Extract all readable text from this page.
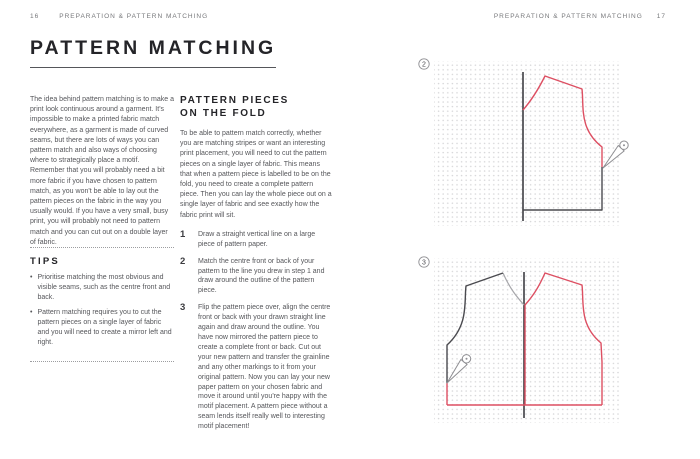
16	PREPARATION & PATTERN MATCHING	PREPARATION & PATTERN MATCHING 17
PATTERN MATCHING
The idea behind pattern matching is to make a print look continuous around a garment. It's impossible to make a printed fabric match everywhere, as a garment is made of curved seams, but there are lots of ways you can pattern match and also ways of choosing where to strategically place a motif. Remember that you will probably need a bit more fabric if you have chosen to pattern match, as you won't be able to lay out the pattern pieces on the fabric in the way you usually would. If you have a very small, busy print, you will probably not need to pattern match and you can cut out on a double layer of fabric.

TIPS

• Prioritise matching the most obvious and visible seams, such as the centre front and back.
• Pattern matching requires you to cut the pattern pieces on a single layer of fabric and you will need to create a mirror left and right.

PATTERN PIECES
ON THE FOLD

To be able to pattern match correctly, whether you are matching stripes or want an interesting print placement, you will need to cut the pattern pieces on a single layer of fabric. This means that when a pattern piece is labelled to be on the fold, you need to create a complete pattern piece. Then you can lay the whole piece out on a single layer of fabric and see exactly how the fabric print will sit.
1	Draw a straight vertical line on a large piece of pattern paper.
2	Match the centre front or back of your pattern to the line you drew in step 1 and draw around the outline of the pattern piece.
3	Flip the pattern piece over, align the centre front or back with your drawn straight line again and draw around the outline. You have now mirrored the pattern piece to create a complete front or back. Cut out your new pattern and transfer the grainline and any other markings to it from your original pattern. Now you can lay your new paper pattern on your chosen fabric and move it around until you're happy with the motif placement. A pattern piece without a seam lends itself really well to interesting motif placement!
2
3
